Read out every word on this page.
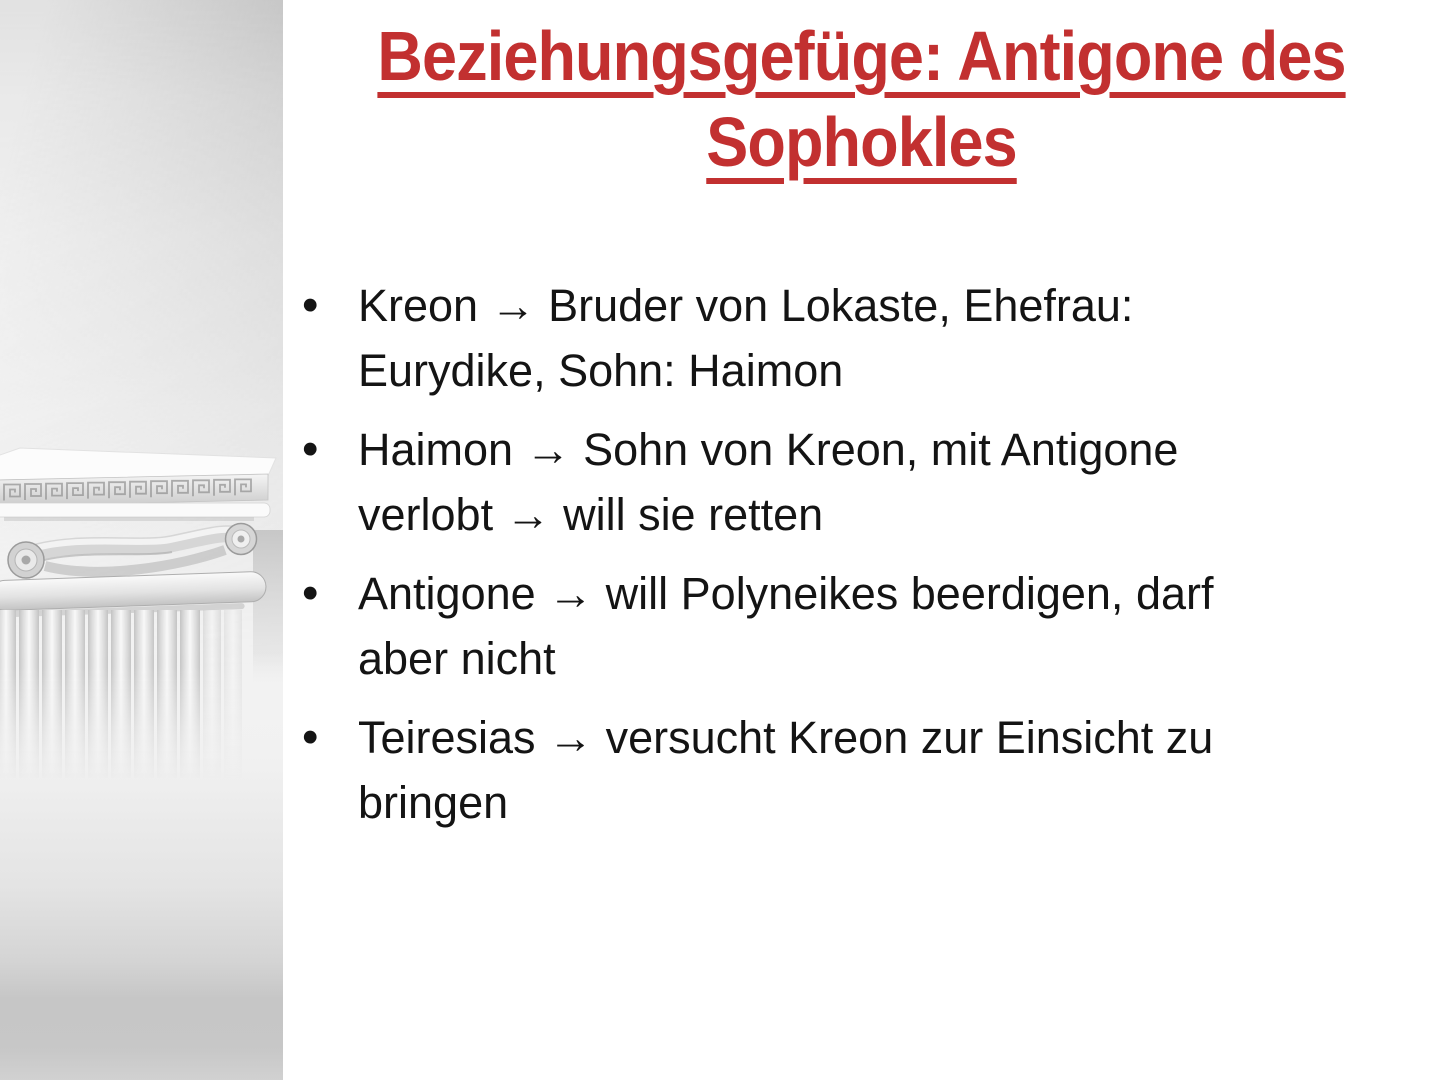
Beziehungsgefüge: Antigone des
Sophokles
• Kreon → Bruder von Lokaste, Ehefrau:
Eurydike, Sohn: Haimon
• Haimon → Sohn von Kreon, mit Antigone
verlobt → will sie retten
• Antigone → will Polyneikes beerdigen, darf
aber nicht
• Teiresias → versucht Kreon zur Einsicht zu
bringen
